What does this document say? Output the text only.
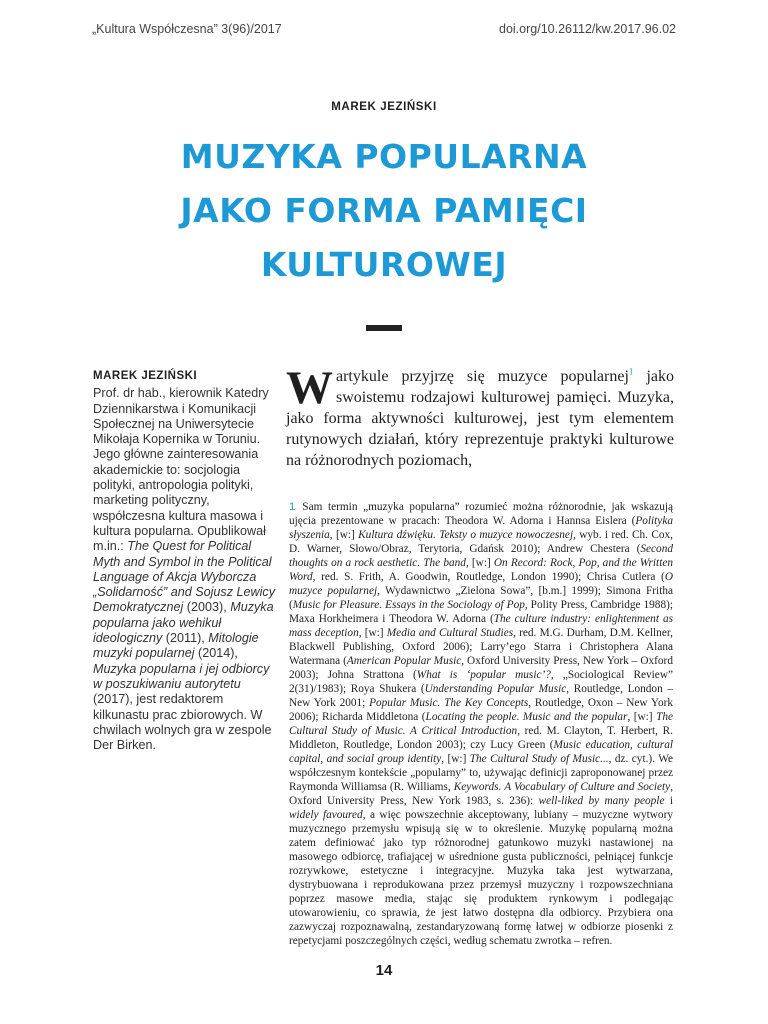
„Kultura Współczesna” 3(96)/2017	doi.org/10.26112/kw.2017.96.02
MAREK JEZIŃSKI
MUZYKA POPULARNA
JAKO FORMA PAMIĘCI
KULTUROWEJ
MAREK JEZIŃSKI
Prof. dr hab., kierownik Katedry Dziennikarstwa i Komunikacji Społecznej na Uniwersytecie Mikołaja Kopernika w Toruniu. Jego główne zainteresowania akademickie to: socjologia polityki, antropologia polityki, marketing polityczny, współczesna kultura masowa i kultura popularna. Opublikował m.in.: The Quest for Political Myth and Symbol in the Political Language of Akcja Wyborcza „Solidarność” and Sojusz Lewicy Demokratycznej (2003), Muzyka popularna jako wehikuł ideologiczny (2011), Mitologie muzyki popularnej (2014), Muzyka popularna i jej odbiorcy w poszukiwaniu autorytetu (2017), jest redaktorem kilkunastu prac zbiorowych. W chwilach wolnych gra w zespole Der Birken.
W artykule przyjrzę się muzyce popularnej$^1$ jako swoistemu rodzajowi kulturowej pamięci. Muzyka, jako forma aktywności kulturowej, jest tym elementem rutynowych działań, który reprezentuje praktyki kulturowe na różnorodnych poziomach,
1 Sam termin „muzyka popularna” rozumieć można różnorodnie, jak wskazują ujęcia prezentowane w pracach: Theodora W. Adorna i Hannsa Eislera (Polityka słyszenia, [w:] Kultura dźwięku. Teksty o muzyce nowoczesnej, wyb. i red. Ch. Cox, D. Warner, Słowo/Obraz, Terytoria, Gdańsk 2010); Andrew Chestera (Second thoughts on a rock aesthetic. The band, [w:] On Record: Rock, Pop, and the Written Word, red. S. Frith, A. Goodwin, Routledge, London 1990); Chrisa Cutlera (O muzyce popularnej, Wydawnictwo „Zielona Sowa”, [b.m.] 1999); Simona Fritha (Music for Pleasure. Essays in the Sociology of Pop, Polity Press, Cambridge 1988); Maxa Horkheimera i Theodora W. Adorna (The culture industry: enlightenment as mass deception, [w:] Media and Cultural Studies, red. M.G. Durham, D.M. Kellner, Blackwell Publishing, Oxford 2006); Larry’ego Starra i Christophera Alana Watermana (American Popular Music, Oxford University Press, New York – Oxford 2003); Johna Strattona (What is ‘popular music’?, „Sociological Review” 2(31)/1983); Roya Shukera (Understanding Popular Music, Routledge, London – New York 2001; Popular Music. The Key Concepts, Routledge, Oxon – New York 2006); Richarda Middletona (Locating the people. Music and the popular, [w:] The Cultural Study of Music. A Critical Introduction, red. M. Clayton, T. Herbert, R. Middleton, Routledge, London 2003); czy Lucy Green (Music education, cultural capital, and social group identity, [w:] The Cultural Study of Music..., dz. cyt.). We współczesnym kontekście „popularny” to, używając definicji zaproponowanej przez Raymonda Williamsa (R. Williams, Keywords. A Vocabulary of Culture and Society, Oxford University Press, New York 1983, s. 236): well-liked by many people i widely favoured, a więc powszechnie akceptowany, lubiany – muzyczne wytwory muzycznego przemysłu wpisują się w to określenie. Muzykę popularną można zatem definiować jako typ różnorodnej gatunkowo muzyki nastawionej na masowego odbiorcę, trafiającej w uśrednione gusta publiczności, pełniącej funkcje rozrywkowe, estetyczne i integracyjne. Muzyka taka jest wytwarzana, dystrybuowana i reprodukowana przez przemysł muzyczny i rozpowszechniana poprzez masowe media, stając się produktem rynkowym i podlegając utowarowieniu, co sprawia, że jest łatwo dostępna dla odbiorcy. Przybiera ona zazwyczaj rozpoznawalną, zestandaryzowaną formę łatwej w odbiorze piosenki z repetycjami poszczególnych części, według schematu zwrotka – refren.
14
